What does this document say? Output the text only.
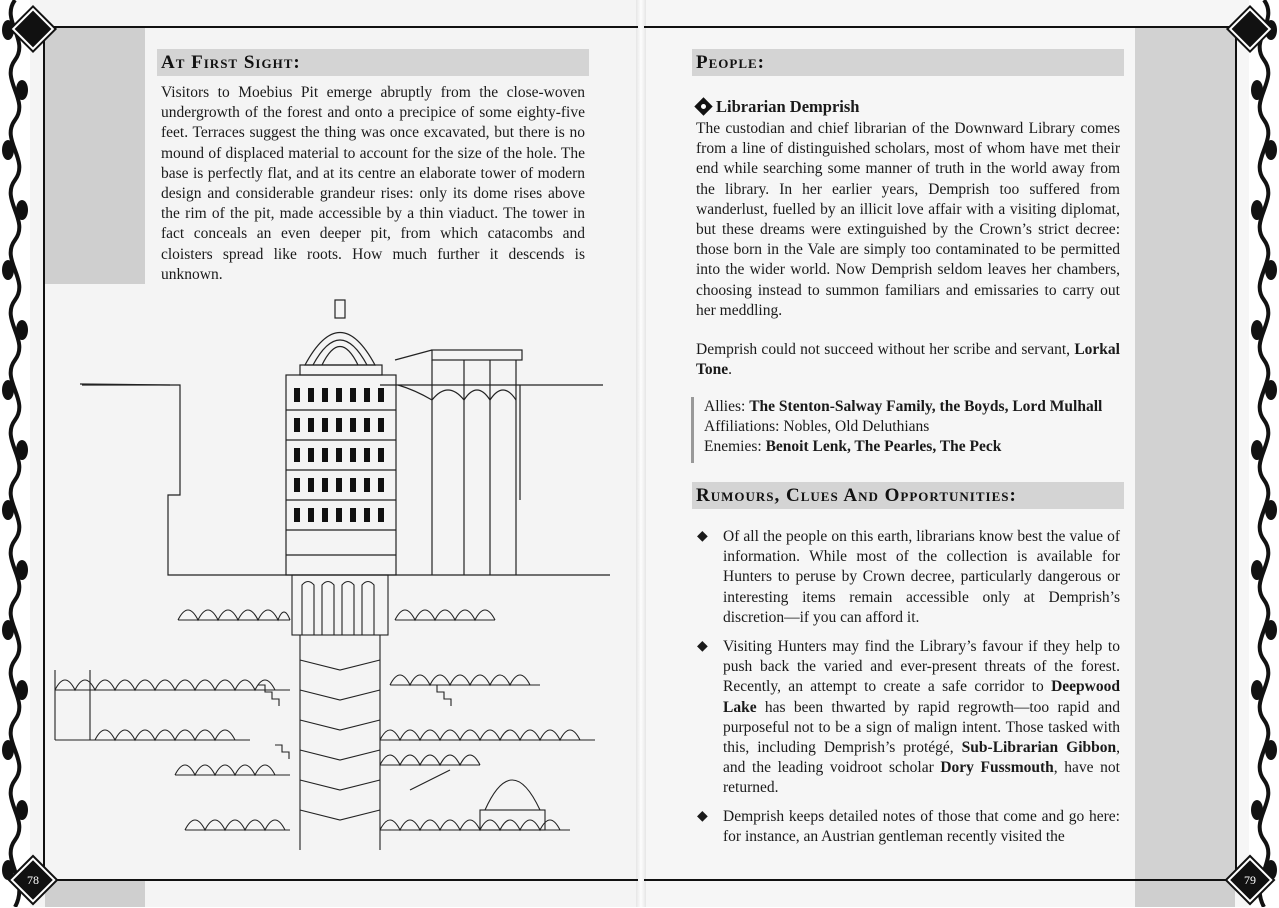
78	79
At First Sight:
Visitors to Moebius Pit emerge abruptly from the close-woven undergrowth of the forest and onto a precipice of some eighty-five feet. Terraces suggest the thing was once excavated, but there is no mound of displaced material to account for the size of the hole. The base is perfectly flat, and at its centre an elaborate tower of modern design and considerable grandeur rises: only its dome rises above the rim of the pit, made accessible by a thin viaduct. The tower in fact conceals an even deeper pit, from which catacombs and cloisters spread like roots. How much further it descends is unknown.
People:
Librarian Demprish
The custodian and chief librarian of the Downward Library comes from a line of distinguished scholars, most of whom have met their end while searching some manner of truth in the world away from the library. In her earlier years, Demprish too suffered from wanderlust, fuelled by an illicit love affair with a visiting diplomat, but these dreams were extinguished by the Crown’s strict decree: those born in the Vale are simply too contaminated to be permitted into the wider world. Now Demprish seldom leaves her chambers, choosing instead to summon familiars and emissaries to carry out her meddling.
Demprish could not succeed without her scribe and servant, Lorkal Tone.
Allies: The Stenton-Salway Family, the Boyds, Lord Mulhall
Affiliations: Nobles, Old Deluthians
Enemies: Benoit Lenk, The Pearles, The Peck
Rumours, Clues And Opportunities:
◆ Of all the people on this earth, librarians know best the value of information. While most of the collection is available for Hunters to peruse by Crown decree, particularly dangerous or interesting items remain accessible only at Demprish’s discretion—if you can afford it.
◆ Visiting Hunters may find the Library’s favour if they help to push back the varied and ever-present threats of the forest. Recently, an attempt to create a safe corridor to Deepwood Lake has been thwarted by rapid regrowth—too rapid and purposeful not to be a sign of malign intent. Those tasked with this, including Demprish’s protégé, Sub-Librarian Gibbon, and the leading voidroot scholar Dory Fussmouth, have not returned.
◆ Demprish keeps detailed notes of those that come and go here: for instance, an Austrian gentleman recently visited the
